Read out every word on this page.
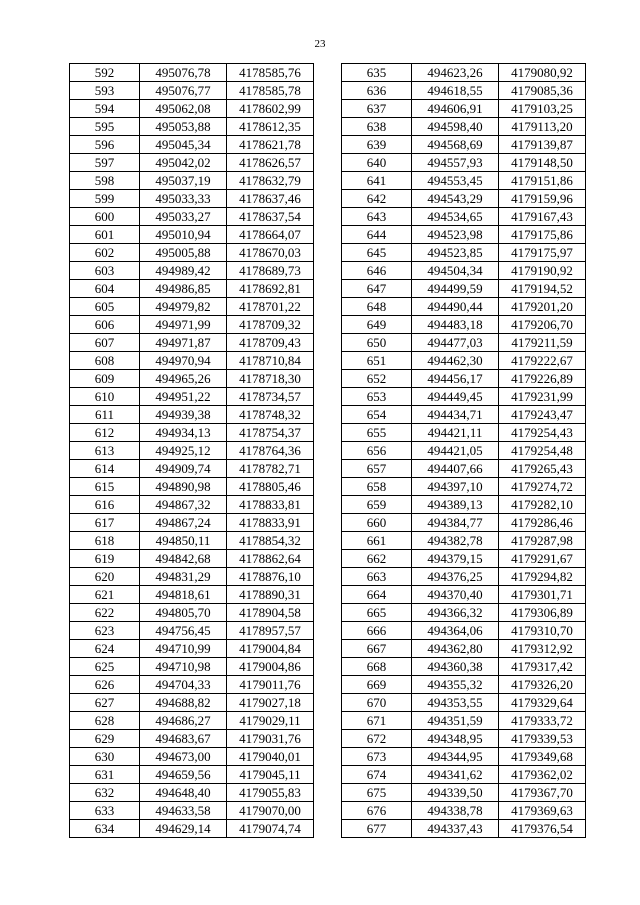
23
592	495076,78	4178585,76
593	495076,77	4178585,78
594	495062,08	4178602,99
595	495053,88	4178612,35
596	495045,34	4178621,78
597	495042,02	4178626,57
598	495037,19	4178632,79
599	495033,33	4178637,46
600	495033,27	4178637,54
601	495010,94	4178664,07
602	495005,88	4178670,03
603	494989,42	4178689,73
604	494986,85	4178692,81
605	494979,82	4178701,22
606	494971,99	4178709,32
607	494971,87	4178709,43
608	494970,94	4178710,84
609	494965,26	4178718,30
610	494951,22	4178734,57
611	494939,38	4178748,32
612	494934,13	4178754,37
613	494925,12	4178764,36
614	494909,74	4178782,71
615	494890,98	4178805,46
616	494867,32	4178833,81
617	494867,24	4178833,91
618	494850,11	4178854,32
619	494842,68	4178862,64
620	494831,29	4178876,10
621	494818,61	4178890,31
622	494805,70	4178904,58
623	494756,45	4178957,57
624	494710,99	4179004,84
625	494710,98	4179004,86
626	494704,33	4179011,76
627	494688,82	4179027,18
628	494686,27	4179029,11
629	494683,67	4179031,76
630	494673,00	4179040,01
631	494659,56	4179045,11
632	494648,40	4179055,83
633	494633,58	4179070,00
634	494629,14	4179074,74
635	494623,26	4179080,92
636	494618,55	4179085,36
637	494606,91	4179103,25
638	494598,40	4179113,20
639	494568,69	4179139,87
640	494557,93	4179148,50
641	494553,45	4179151,86
642	494543,29	4179159,96
643	494534,65	4179167,43
644	494523,98	4179175,86
645	494523,85	4179175,97
646	494504,34	4179190,92
647	494499,59	4179194,52
648	494490,44	4179201,20
649	494483,18	4179206,70
650	494477,03	4179211,59
651	494462,30	4179222,67
652	494456,17	4179226,89
653	494449,45	4179231,99
654	494434,71	4179243,47
655	494421,11	4179254,43
656	494421,05	4179254,48
657	494407,66	4179265,43
658	494397,10	4179274,72
659	494389,13	4179282,10
660	494384,77	4179286,46
661	494382,78	4179287,98
662	494379,15	4179291,67
663	494376,25	4179294,82
664	494370,40	4179301,71
665	494366,32	4179306,89
666	494364,06	4179310,70
667	494362,80	4179312,92
668	494360,38	4179317,42
669	494355,32	4179326,20
670	494353,55	4179329,64
671	494351,59	4179333,72
672	494348,95	4179339,53
673	494344,95	4179349,68
674	494341,62	4179362,02
675	494339,50	4179367,70
676	494338,78	4179369,63
677	494337,43	4179376,54
